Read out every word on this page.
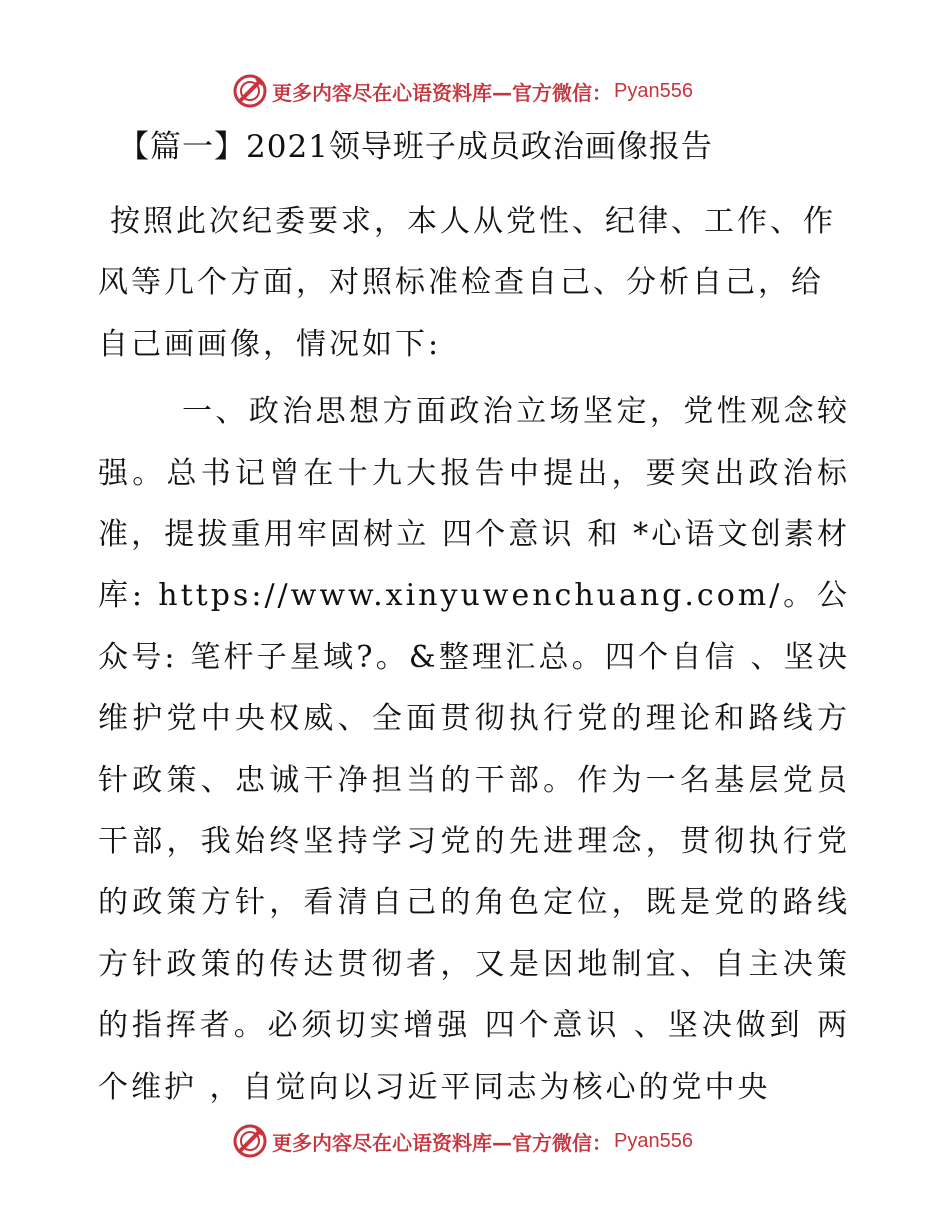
更多内容尽在心语资料库—官方微信： Pyan556
【篇一】2021领导班子成员政治画像报告

按照此次纪委要求，本人从党性、纪律、工作、作风等几个方面，对照标准检查自己、分析自己，给自己画画像，情况如下:

一、政治思想方面政治立场坚定，党性观念较强。总书记曾在十九大报告中提出，要突出政治标准，提拔重用牢固树立 四个意识 和 *心语文创素材库: https://www.xinyuwenchuang.com/。公众号: 笔杆子星域?。&整理汇总。四个自信 、坚决维护党中央权威、全面贯彻执行党的理论和路线方针政策、忠诚干净担当的干部。作为一名基层党员干部，我始终坚持学习党的先进理念，贯彻执行党的政策方针，看清自己的角色定位，既是党的路线方针政策的传达贯彻者，又是因地制宜、自主决策的指挥者。必须切实增强 四个意识 、坚决做到 两个维护 ，自觉向以习近平同志为核心的党中央

更多内容尽在心语资料库—官方微信： Pyan556
